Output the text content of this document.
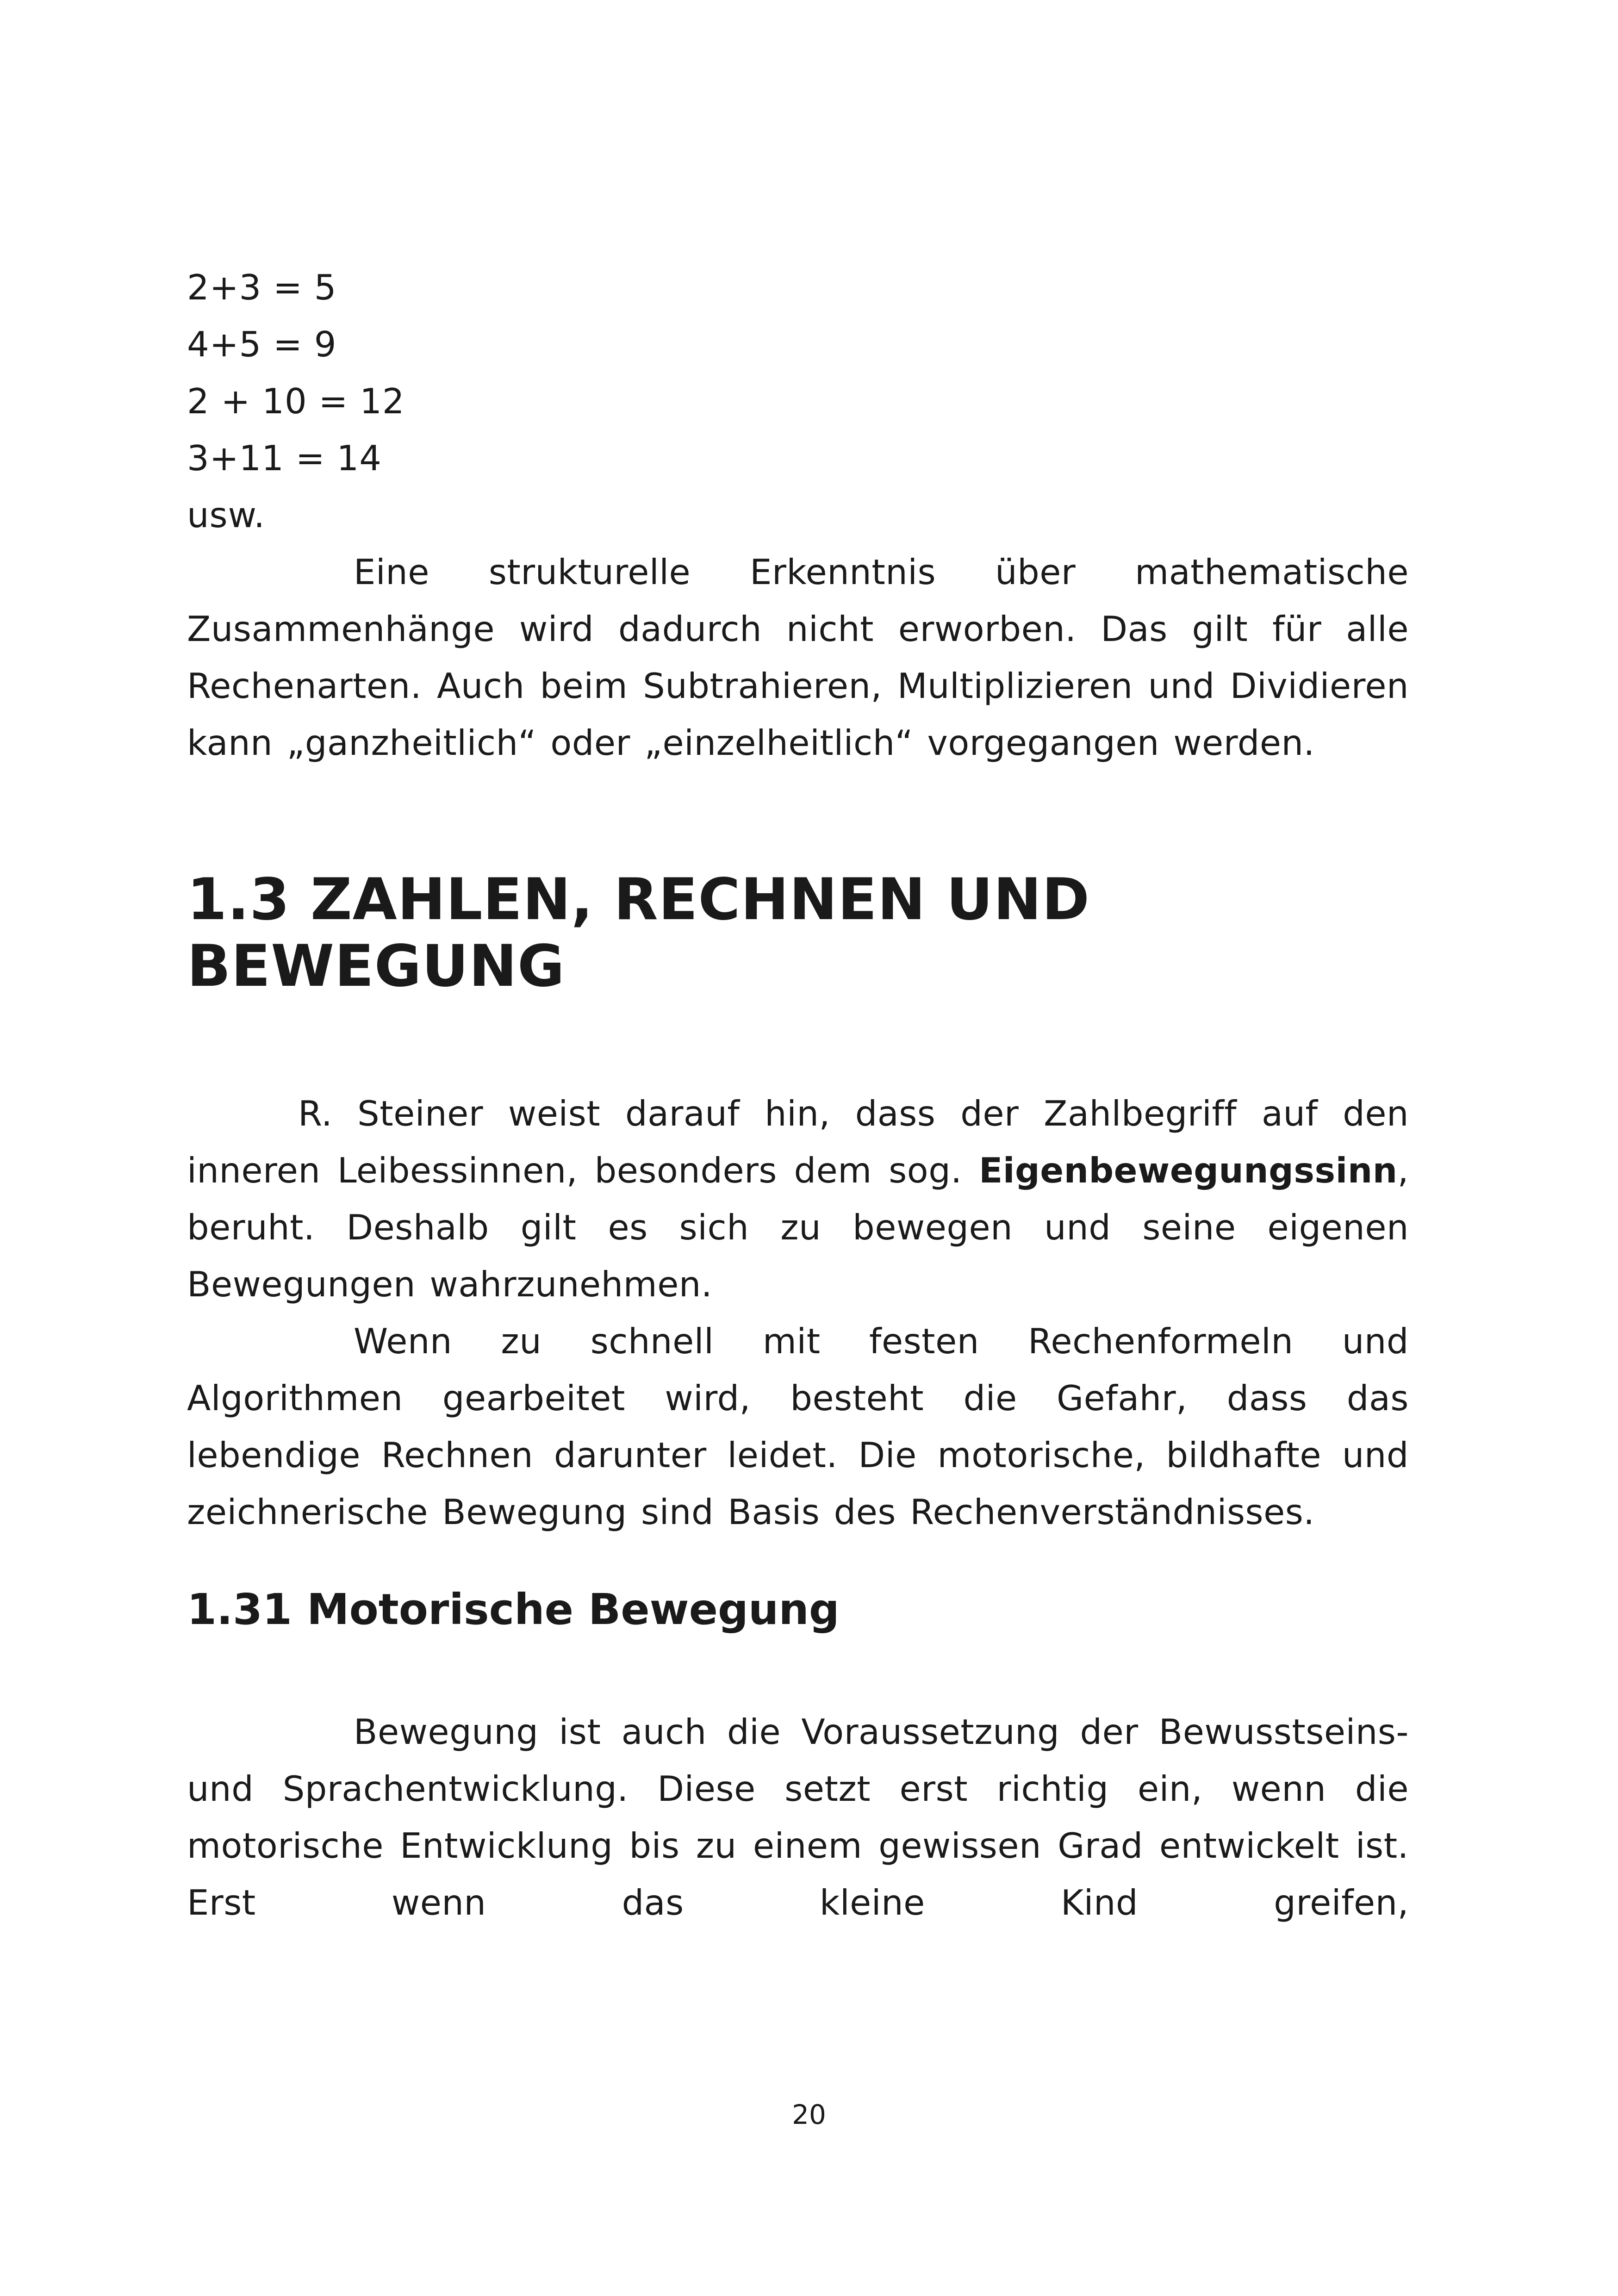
2+3 = 5

4+5 = 9

2 + 10 = 12

3+11 = 14

usw.

Eine strukturelle Erkenntnis über mathematische Zusammenhänge wird dadurch nicht erworben. Das gilt für alle Rechenarten. Auch beim Subtrahieren, Multiplizieren und Dividieren kann „ganzheitlich“ oder „einzelheitlich“ vorgegangen werden.

1.3 ZAHLEN, RECHNEN UND BEWEGUNG

R. Steiner weist darauf hin, dass der Zahlbegriff auf den inneren Leibessinnen, besonders dem sog. Eigenbewegungssinn, beruht. Deshalb gilt es sich zu bewegen und seine eigenen Bewegungen wahrzunehmen.

Wenn zu schnell mit festen Rechenformeln und Algorithmen gearbeitet wird, besteht die Gefahr, dass das lebendige Rechnen darunter leidet. Die motorische, bildhafte und zeichnerische Bewegung sind Basis des Rechenverständnisses.

1.31 Motorische Bewegung

Bewegung ist auch die Voraussetzung der Bewusstseins- und Sprachentwicklung. Diese setzt erst richtig ein, wenn die motorische Entwicklung bis zu einem gewissen Grad entwickelt ist. Erst wenn das kleine Kind greifen,

20
